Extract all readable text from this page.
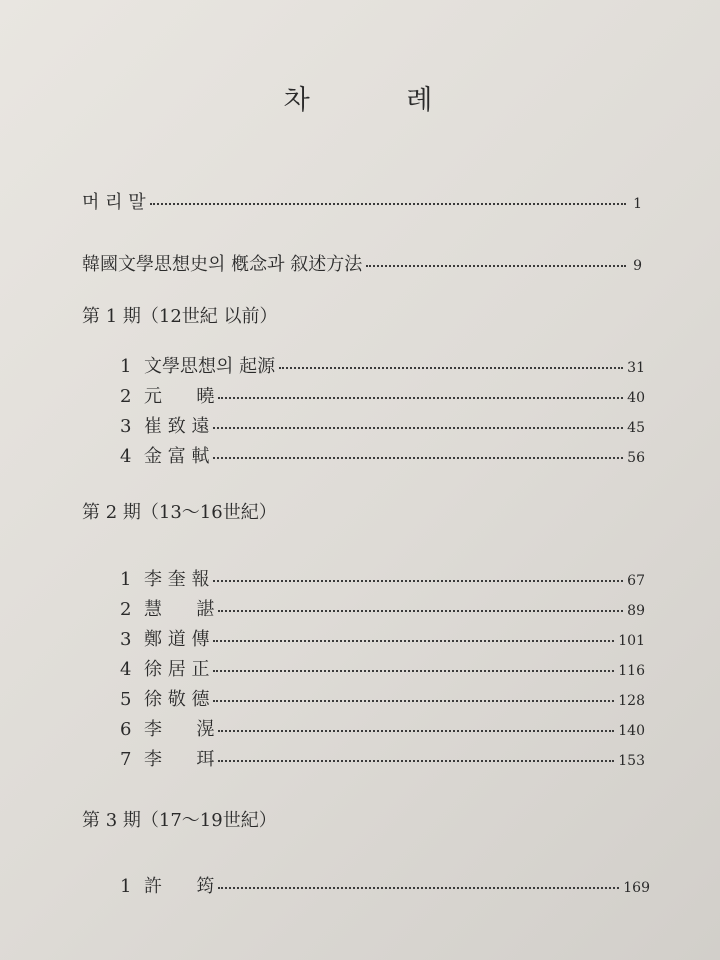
차 례
머 리 말	1
韓國文學思想史의 槪念과 叙述方法	9
第 1 期（12世紀 以前）
1 文學思想의 起源	31
2 元      曉	40
3 崔 致 遠	45
4 金 富 軾	56
第 2 期（13～16世紀）
1 李 奎 報	67
2 慧      諶	89
3 鄭 道 傳	101
4 徐 居 正	116
5 徐 敬 德	128
6 李      滉	140
7 李      珥	153
第 3 期（17～19世紀）
1 許      筠	169
